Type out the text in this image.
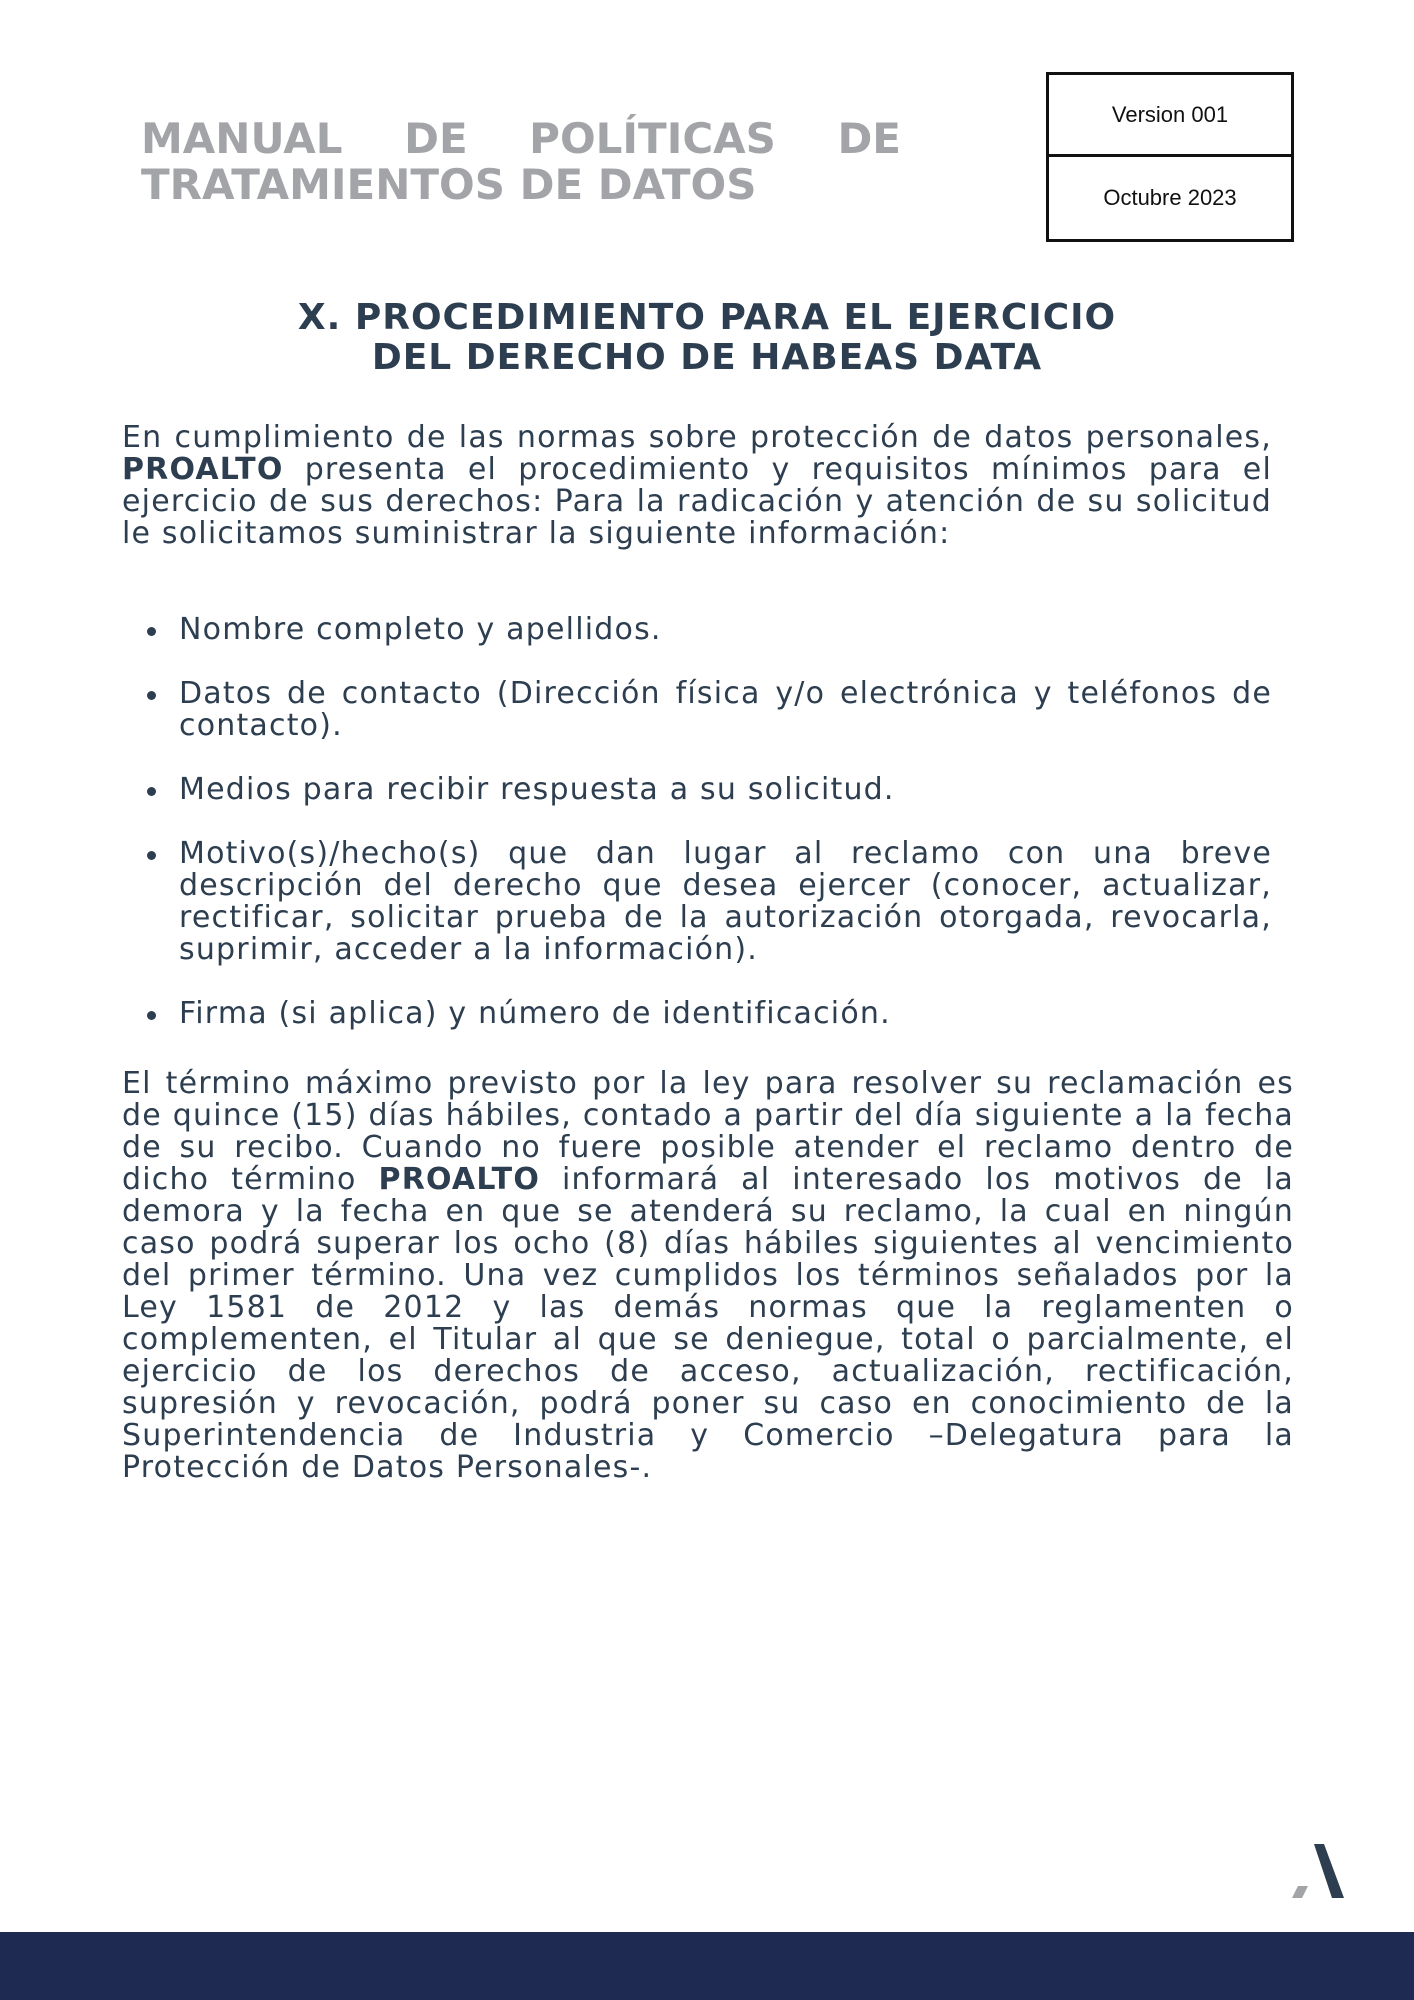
MANUAL DE POLÍTICAS DE
TRATAMIENTOS DE DATOS
Version 001
Octubre 2023
X. PROCEDIMIENTO PARA EL EJERCICIO
DEL DERECHO DE HABEAS DATA

En cumplimiento de las normas sobre protección de datos personales, PROALTO presenta el procedimiento y requisitos mínimos para el ejercicio de sus derechos: Para la radicación y atención de su solicitud le solicitamos suministrar la siguiente información:

Nombre completo y apellidos.
Datos de contacto (Dirección física y/o electrónica y teléfonos de contacto).
Medios para recibir respuesta a su solicitud.
Motivo(s)/hecho(s) que dan lugar al reclamo con una breve descripción del derecho que desea ejercer (conocer, actualizar, rectificar, solicitar prueba de la autorización otorgada, revocarla, suprimir, acceder a la información).
Firma (si aplica) y número de identificación.

El término máximo previsto por la ley para resolver su reclamación es de quince (15) días hábiles, contado a partir del día siguiente a la fecha de su recibo. Cuando no fuere posible atender el reclamo dentro de dicho término PROALTO informará al interesado los motivos de la demora y la fecha en que se atenderá su reclamo, la cual en ningún caso podrá superar los ocho (8) días hábiles siguientes al vencimiento del primer término. Una vez cumplidos los términos señalados por la Ley 1581 de 2012 y las demás normas que la reglamenten o complementen, el Titular al que se deniegue, total o parcialmente, el ejercicio de los derechos de acceso, actualización, rectificación, supresión y revocación, podrá poner su caso en conocimiento de la Superintendencia de Industria y Comercio –Delegatura para la Protección de Datos Personales-.
